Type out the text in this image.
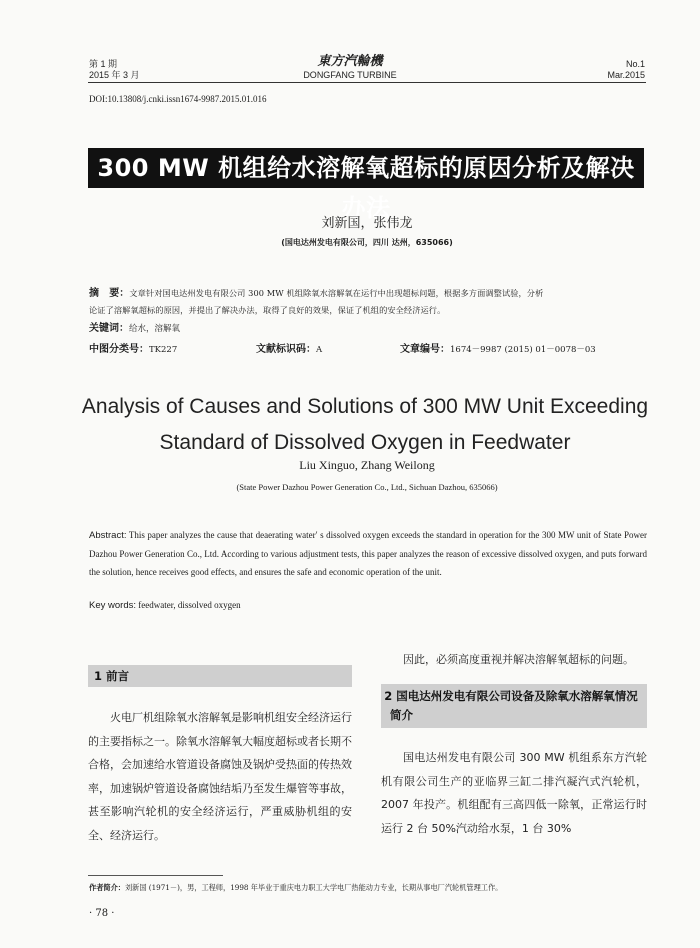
第 1 期
2015 年 3 月
東方汽輪機
DONGFANG TURBINE
No.1
Mar.2015
DOI:10.13808/j.cnki.issn1674-9987.2015.01.016
300 MW 机组给水溶解氧超标的原因分析及解决办法
刘新国，张伟龙
(国电达州发电有限公司，四川 达州，635066)
摘　要：文章针对国电达州发电有限公司 300 MW 机组除氧水溶解氧在运行中出现超标问题，根据多方面调整试验，分析
论证了溶解氧超标的原因，并提出了解决办法，取得了良好的效果，保证了机组的安全经济运行。
关键词：给水，溶解氧
中图分类号：TK227	文献标识码：A	文章编号：1674－9987 (2015) 01－0078－03
Analysis of Causes and Solutions of 300 MW Unit Exceeding
Standard of Dissolved Oxygen in Feedwater
Liu Xinguo, Zhang Weilong
(State Power Dazhou Power Generation Co., Ltd., Sichuan Dazhou, 635066)
Abstract: This paper analyzes the cause that deaerating water′ s dissolved oxygen exceeds the standard in operation for the 300 MW unit of State Power Dazhou Power Generation Co., Ltd. According to various adjustment tests, this paper analyzes the reason of excessive dissolved oxygen, and puts forward the solution, hence receives good effects, and ensures the safe and economic operation of the unit.
Key words: feedwater, dissolved oxygen
1 前言
火电厂机组除氧水溶解氧是影响机组安全经济运行的主要指标之一。除氧水溶解氧大幅度超标或者长期不合格，会加速给水管道设备腐蚀及锅炉受热面的传热效率，加速锅炉管道设备腐蚀结垢乃至发生爆管等事故，甚至影响汽轮机的安全经济运行，严重威胁机组的安全、经济运行。
因此，必须高度重视并解决溶解氧超标的问题。
2 国电达州发电有限公司设备及除氧水溶解氧情况简介
国电达州发电有限公司 300 MW 机组系东方汽轮机有限公司生产的亚临界三缸二排汽凝汽式汽轮机，2007 年投产。机组配有三高四低一除氧，正常运行时运行 2 台 50%汽动给水泵，1 台 30%
作者简介：刘新国 (1971－)，男，工程师，1998 年毕业于重庆电力职工大学电厂热能动力专业，长期从事电厂汽轮机管理工作。
· 78 ·
